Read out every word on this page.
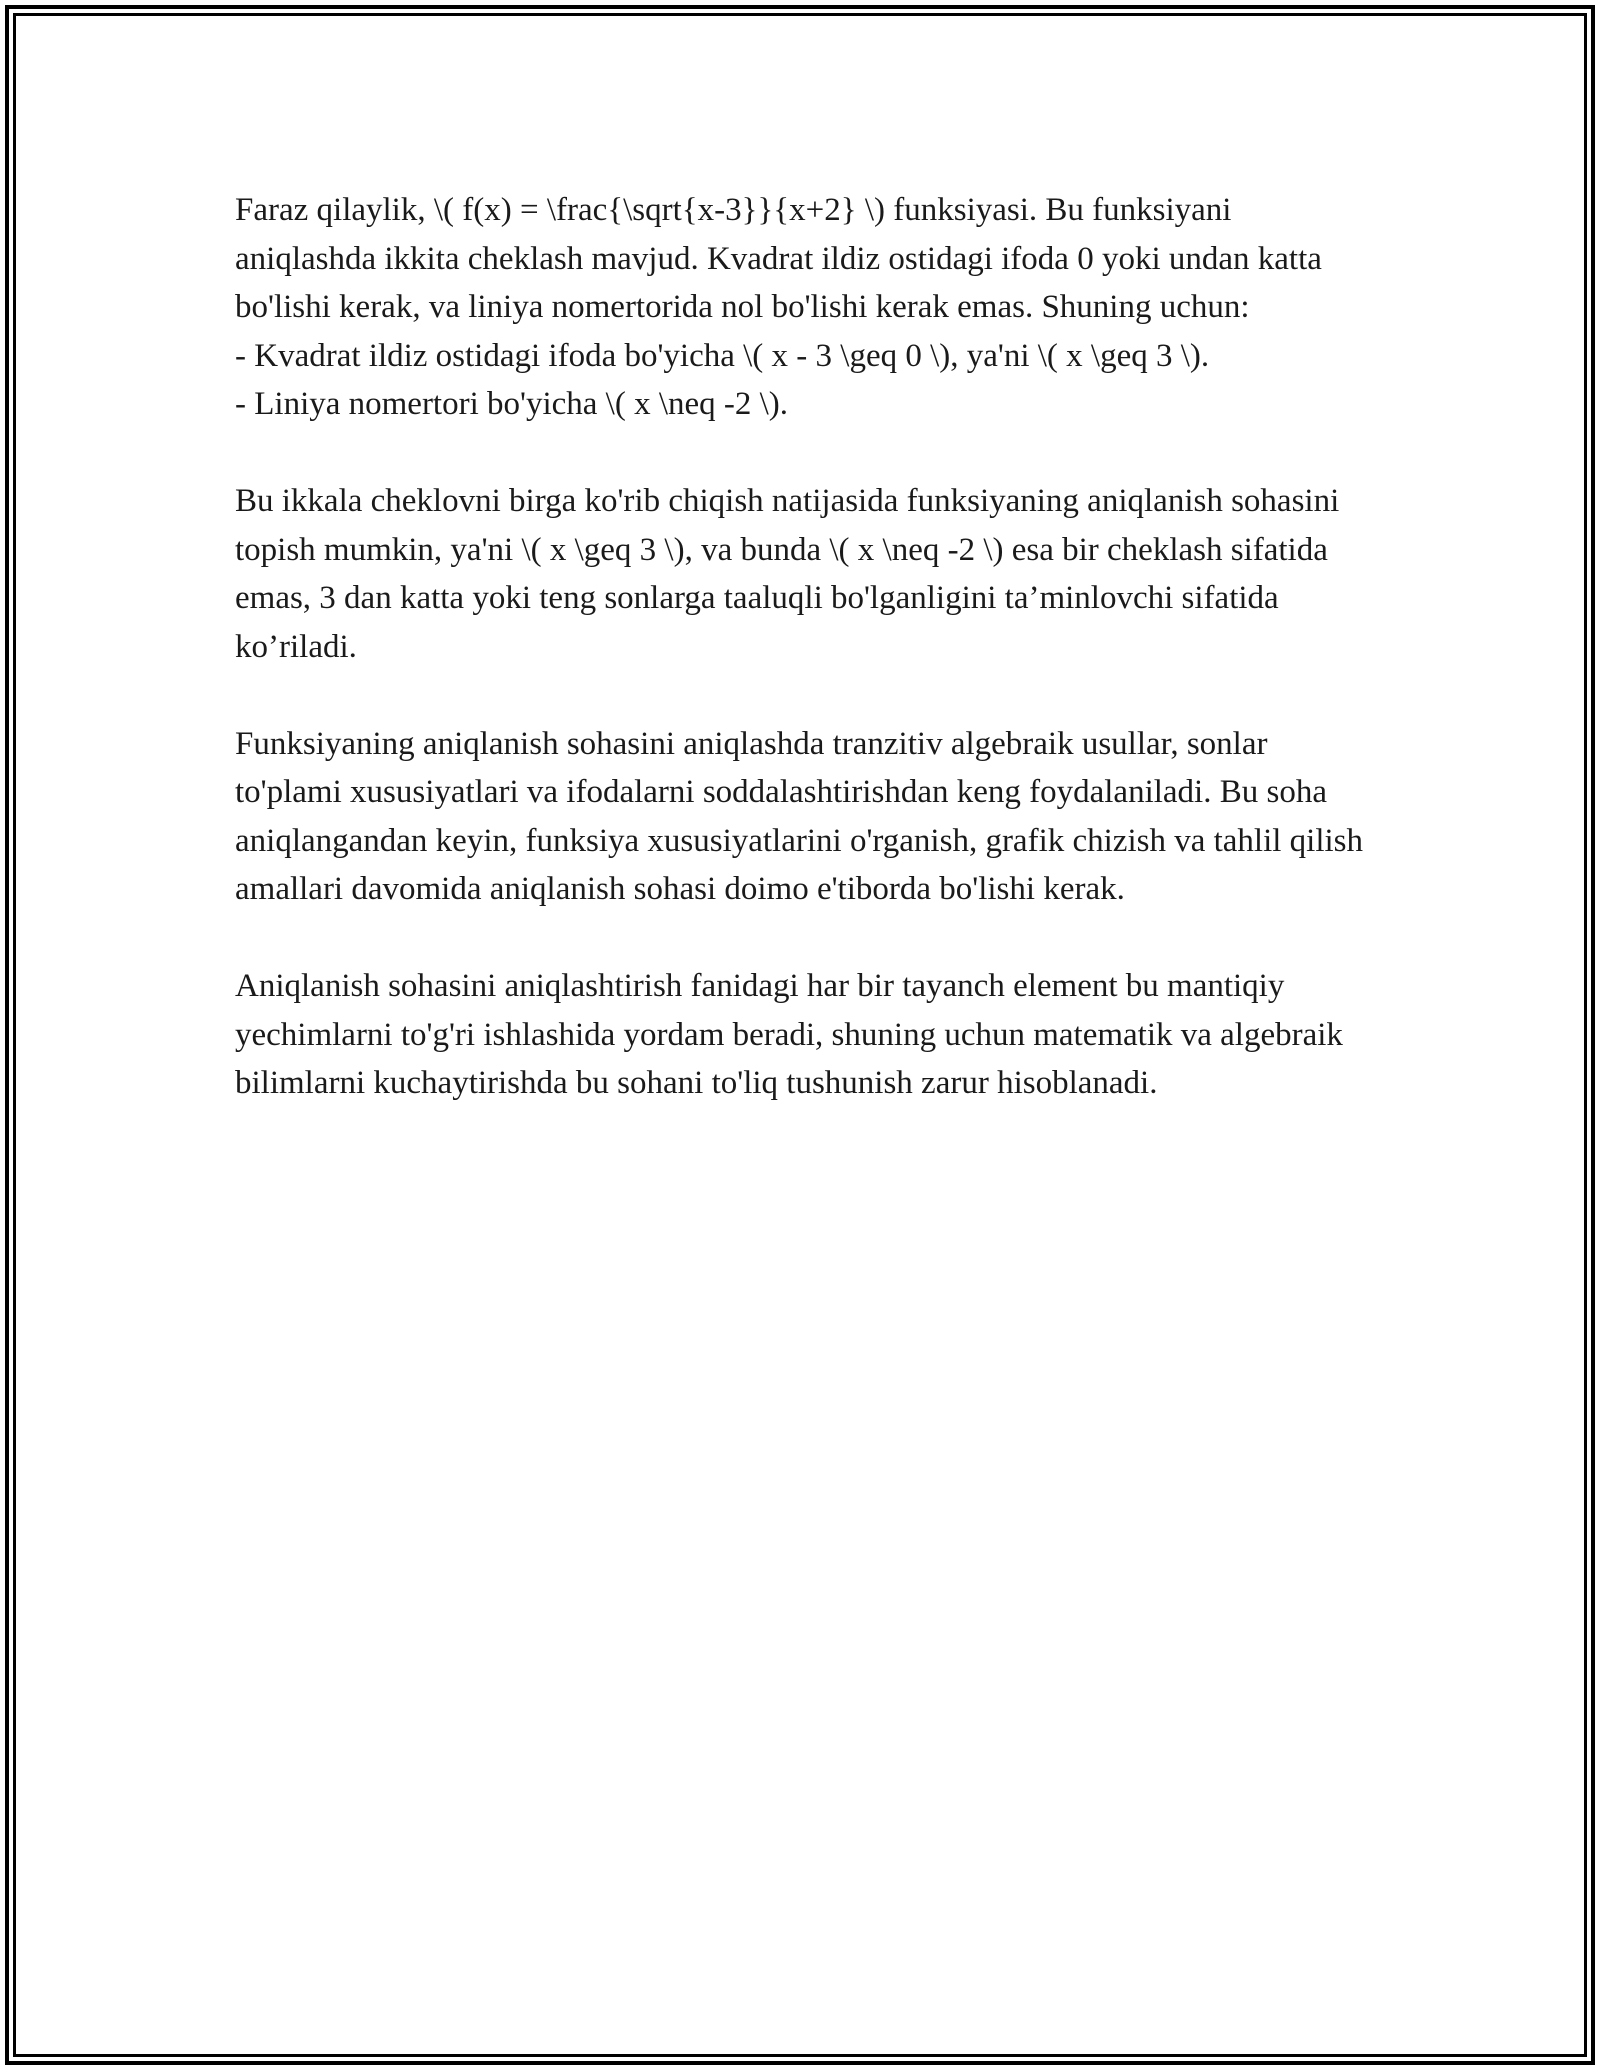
Faraz qilaylik, \( f(x) = \frac{\sqrt{x-3}}{x+2} \) funksiyasi. Bu funksiyani aniqlashda ikkita cheklash mavjud. Kvadrat ildiz ostidagi ifoda 0 yoki undan katta bo'lishi kerak, va liniya nomertorida nol bo'lishi kerak emas. Shuning uchun:

- Kvadrat ildiz ostidagi ifoda bo'yicha \( x - 3 \geq 0 \), ya'ni \( x \geq 3 \).

- Liniya nomertori bo'yicha \( x \neq -2 \).

Bu ikkala cheklovni birga ko'rib chiqish natijasida funksiyaning aniqlanish sohasini topish mumkin, ya'ni \( x \geq 3 \), va bunda \( x \neq -2 \) esa bir cheklash sifatida emas, 3 dan katta yoki teng sonlarga taaluqli bo'lganligini ta’minlovchi sifatida ko’riladi.

Funksiyaning aniqlanish sohasini aniqlashda tranzitiv algebraik usullar, sonlar to'plami xususiyatlari va ifodalarni soddalashtirishdan keng foydalaniladi. Bu soha aniqlangandan keyin, funksiya xususiyatlarini o'rganish, grafik chizish va tahlil qilish amallari davomida aniqlanish sohasi doimo e'tiborda bo'lishi kerak.

Aniqlanish sohasini aniqlashtirish fanidagi har bir tayanch element bu mantiqiy yechimlarni to'g'ri ishlashida yordam beradi, shuning uchun matematik va algebraik bilimlarni kuchaytirishda bu sohani to'liq tushunish zarur hisoblanadi.
